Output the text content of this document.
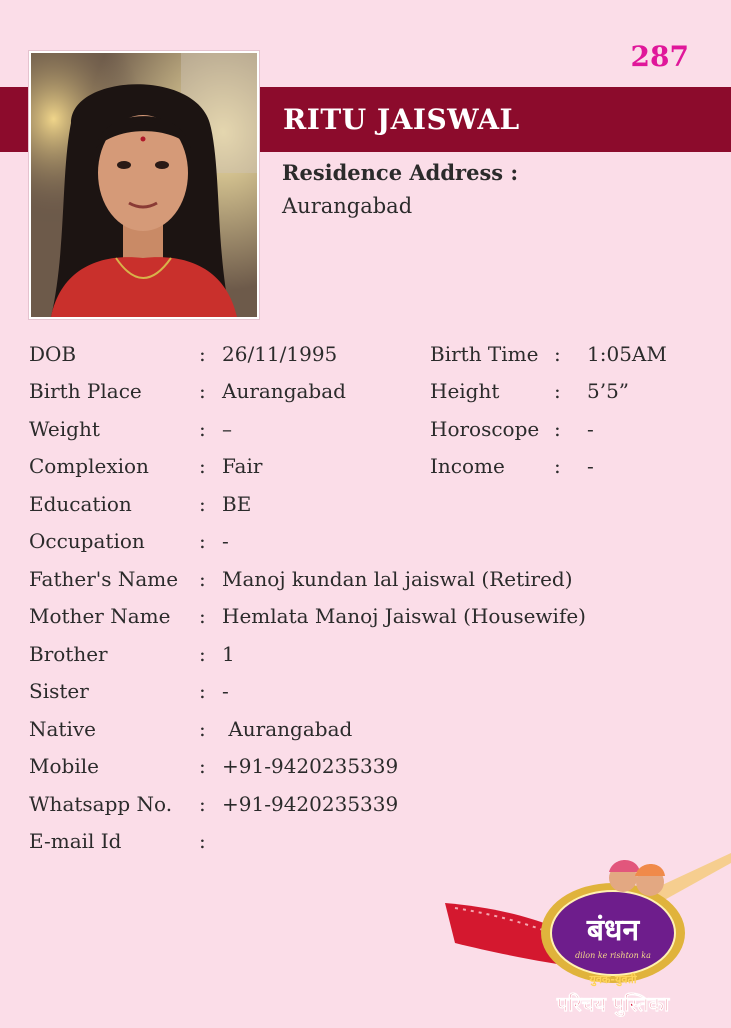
287
RITU JAISWAL
Residence Address :
Aurangabad
DOB	: 26/11/1995	Birth Time : 1:05AM
Birth Place	: Aurangabad	Height	: 5’5”
Weight	: –	Horoscope : -
Complexion	: Fair	Income : -
Education	: BE
Occupation	: -
Father's Name : Manoj kundan lal jaiswal (Retired)
Mother Name : Hemlata Manoj Jaiswal (Housewife)
Brother	: 1
Sister	: -
Native	: Aurangabad
Mobile	: +91-9420235339
Whatsapp No. : +91-9420235339
E-mail Id	:
बंधन
dilon ke rishton ka
युवक-युवती
परिचय पुस्तिका
